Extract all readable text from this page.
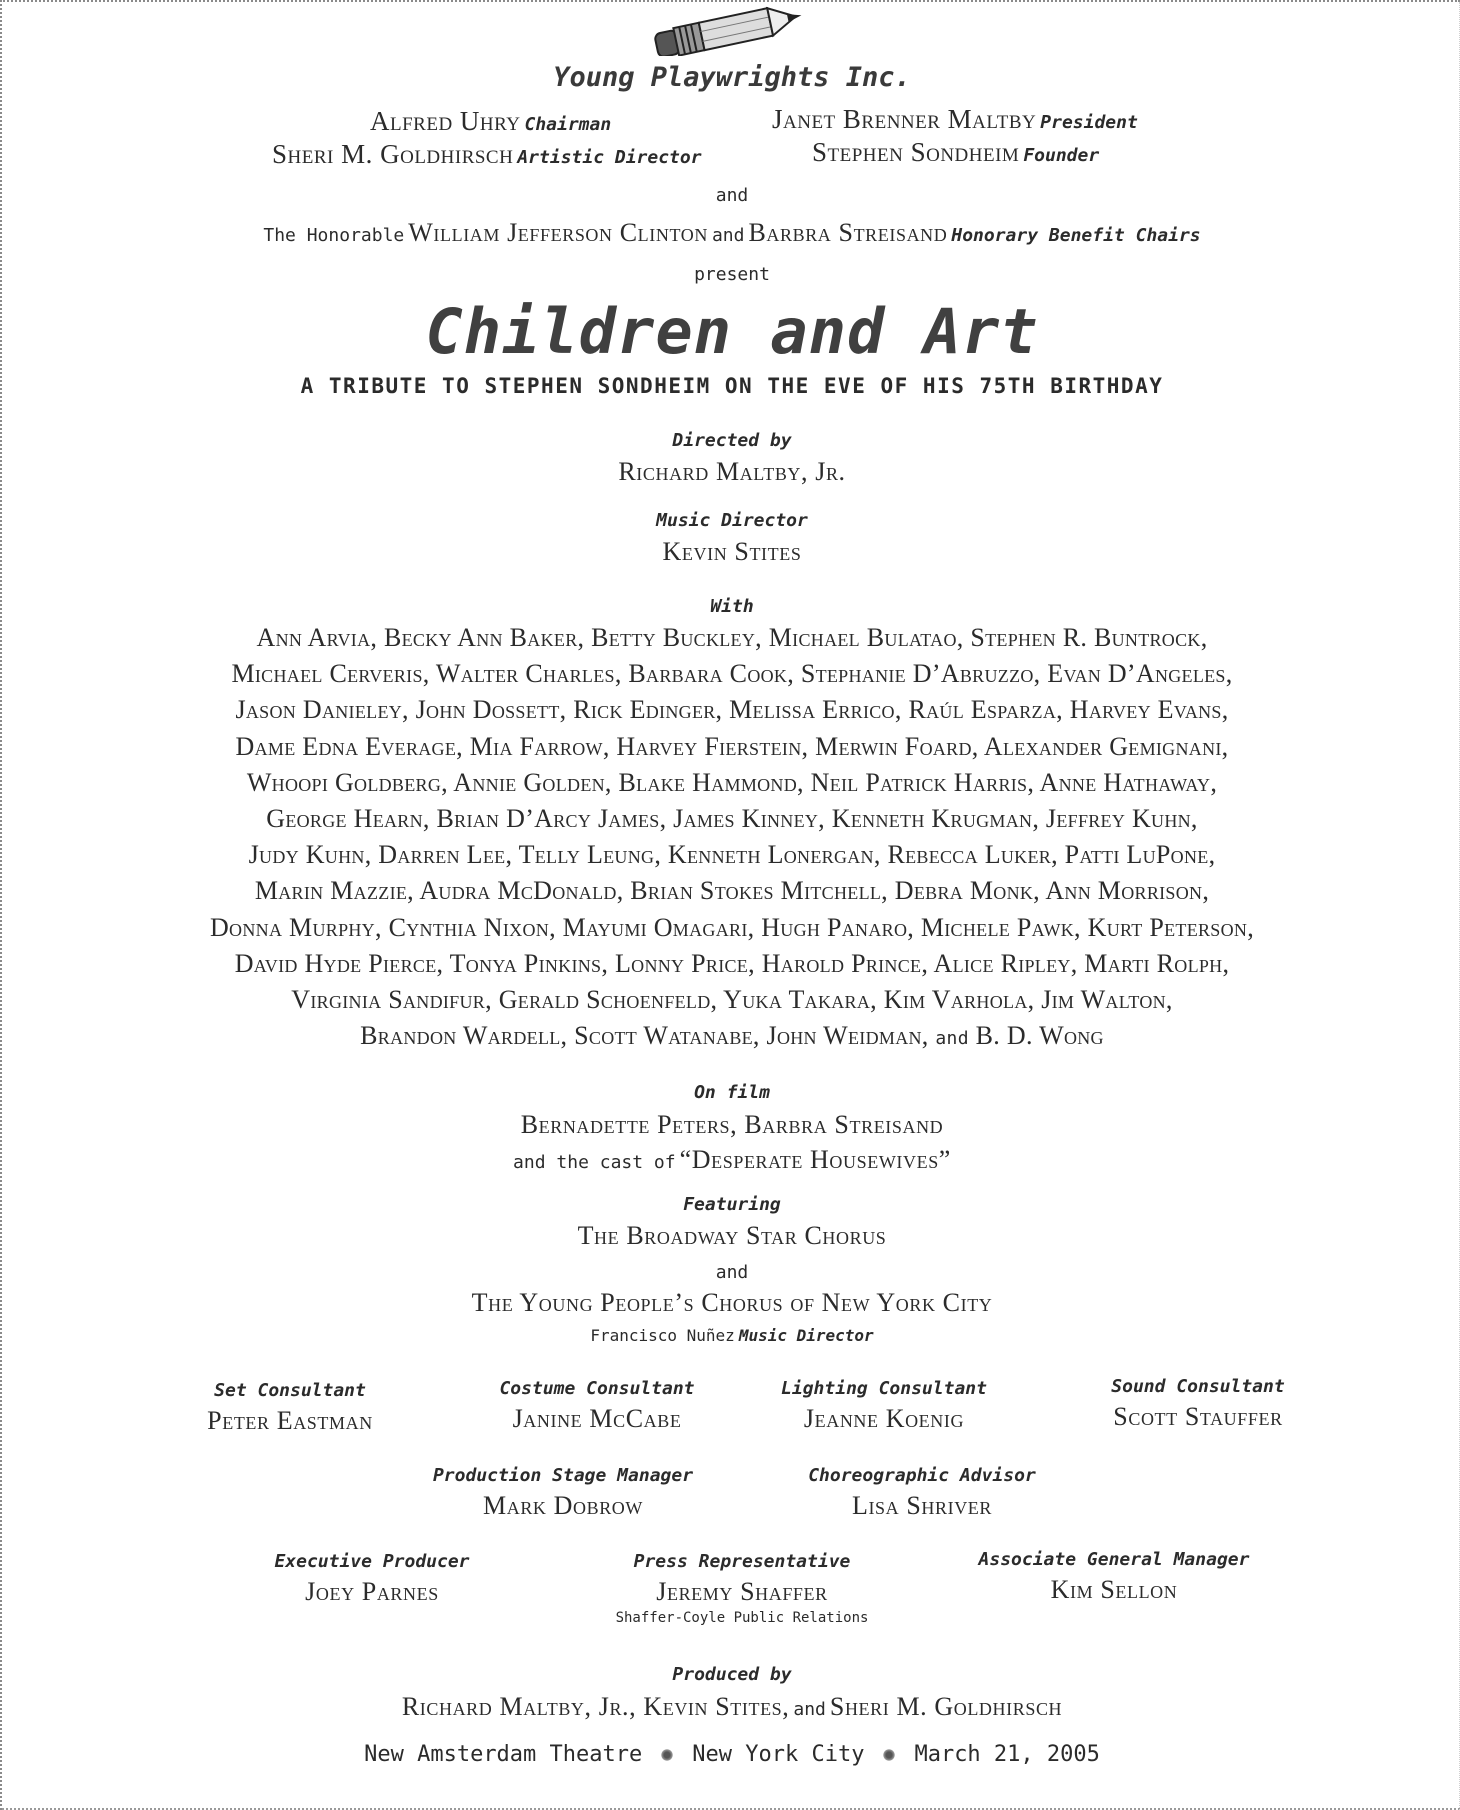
Young Playwrights Inc.
Alfred Uhry Chairman	Janet Brenner Maltby President
Sheri M. Goldhirsch Artistic Director	Stephen Sondheim Founder
and
The Honorable William Jefferson Clinton and Barbra Streisand Honorary Benefit Chairs
present
Children and Art
A TRIBUTE TO STEPHEN SONDHEIM ON THE EVE OF HIS 75TH BIRTHDAY
Directed by
Richard Maltby, Jr.
Music Director
Kevin Stites
With
Ann Arvia, Becky Ann Baker, Betty Buckley, Michael Bulatao, Stephen R. Buntrock,
Michael Cerveris, Walter Charles, Barbara Cook, Stephanie D’Abruzzo, Evan D’Angeles,
Jason Danieley, John Dossett, Rick Edinger, Melissa Errico, Raúl Esparza, Harvey Evans,
Dame Edna Everage, Mia Farrow, Harvey Fierstein, Merwin Foard, Alexander Gemignani,
Whoopi Goldberg, Annie Golden, Blake Hammond, Neil Patrick Harris, Anne Hathaway,
George Hearn, Brian D’Arcy James, James Kinney, Kenneth Krugman, Jeffrey Kuhn,
Judy Kuhn, Darren Lee, Telly Leung, Kenneth Lonergan, Rebecca Luker, Patti LuPone,
Marin Mazzie, Audra McDonald, Brian Stokes Mitchell, Debra Monk, Ann Morrison,
Donna Murphy, Cynthia Nixon, Mayumi Omagari, Hugh Panaro, Michele Pawk, Kurt Peterson,
David Hyde Pierce, Tonya Pinkins, Lonny Price, Harold Prince, Alice Ripley, Marti Rolph,
Virginia Sandifur, Gerald Schoenfeld, Yuka Takara, Kim Varhola, Jim Walton,
Brandon Wardell, Scott Watanabe, John Weidman, and B. D. Wong
On film
Bernadette Peters, Barbra Streisand
and the cast of “Desperate Housewives”
Featuring
The Broadway Star Chorus
and
The Young People’s Chorus of New York City
Francisco Nuñez Music Director
Set Consultant
Peter Eastman
Costume Consultant
Janine McCabe
Lighting Consultant
Jeanne Koenig
Sound Consultant
Scott Stauffer
Production Stage Manager
Mark Dobrow
Choreographic Advisor
Lisa Shriver
Executive Producer
Joey Parnes
Press Representative
Jeremy Shaffer
Shaffer-Coyle Public Relations
Associate General Manager
Kim Sellon
Produced by
Richard Maltby, Jr., Kevin Stites, and Sheri M. Goldhirsch
New Amsterdam Theatre New York City March 21, 2005
